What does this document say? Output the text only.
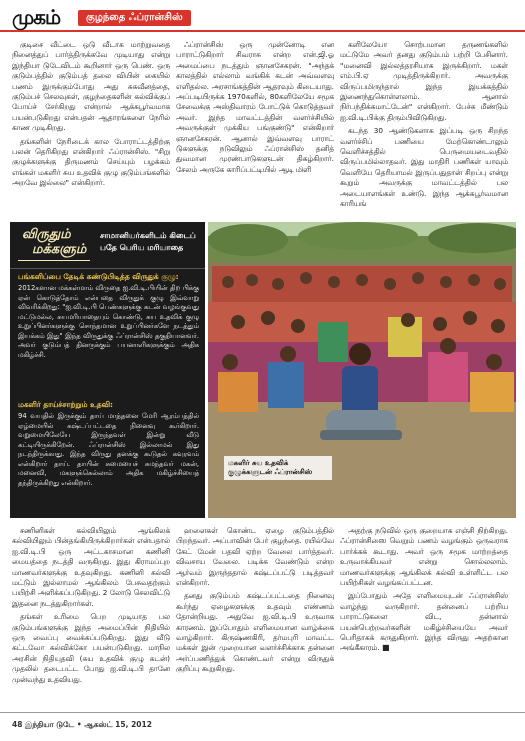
முகம்	குழந்தை ஃப்ரான்சிஸ்

குடிசை வீட்டை ஒடு வீடாக மாற்றுவதை நினைத்துப் பார்த்திருக்கவே முடியாது என்று இந்தியா டுடேவிடம் கூறினார் ஒரு பெண். ஒரு குடும்பத்தில் குடும்பத் தலை வியின் கையில் பணம் இருக்கும்போது அது சுகவீனத்தை, குடும்பச் செலவுகள், குழந்தைகளின் கல்விக்குப் போய்ச் சேர்கிறது என்றால் ஆக்கபூர்வமாக பயன்படுகிறது என்பதன் ஆதாரங்களை நேரில் காண முடிகிறது.

தங்களின் நேரிடைக் கால போராட்டத்திற்கு பலன் தெரிகிறது என்கிறார் ஃப்ரான்சிஸ். "சிறு குழுக்களுக்கு திருமணம் செய்யும் பழக்கம் எங்கள் மகளிர் சுய உதவிக் குழு குடும்பங்களில் அறவே இல்லை" என்கிறார்.

ஃப்ரான்சிஸ் ஒரு முன்னோடி என பாராட்டுகிறார் சிவராசு என்ற என்.ஜி.ஓ அமைப்பை நடத்தும் ஞானசேகரன். "அந்தக் காலத்தில் எல்லாம் வங்கிக் கடன் அவ்வளவு எளிதல்ல. அரசாங்கத்தின் ஆதரவும் கிடையாது. அப்படியிருக்க 1970களில், 80களிலேயே சமூக சேவைக்கு அஸ்திவாரம் போட்டுக் கொடுத்தவர் அவர். இந்த மாவட்டத்தின் வளர்ச்சியில் அவருக்குள் முக்கிய பங்குண்டு" என்கிறார் ஞானசேகரன். ஆனால் இவ்வளவு பாராட் டுகளுக்கு நடுவிலும் ஃப்ரான்சிஸ் தனித் துவமான முரண்பாடுகளுடன் திகழ்கிறார். சேலம் அருகே காரிப்பட்டியில் ஆடி மிளி

களிலேயோ சொற்பமான தருணங்களில் மட்டுமே அவர் தனது குடும்பம் பற்றி பேசினார். "மனைவி இல்லத்தரசியாக இருக்கிறார். மகள் எம்.பி.ஏ முடித்திருக்கிறார். அவருக்கு விருப்பமிருந்தால் இந்த இயக்கத்தில் இணைந்துகொள்ளலாம். ஆனால் நிர்பந்திக்கமாட்டேன்" என்கிறார். பேச்சு மீண்டும் ஐ.வி.டி.பிக்கு திரும்பிவிடுகிறது.

கடந்த 30 ஆண்டுகளாக இப்படி ஒரு சிறந்த வளர்ச்சிப் பணியை மேற்கொண்டாலும் வெளிச்சத்தில் பெருமையடைவதில் விருப்பமில்லாதவர். இது மாதிரி பணிகள் யாவும் வெளியே தெரியாமல் இருப்பதுதான் சிறப்பு என்று கூறும் அவருக்கு மாவட்டத்தில் பல அடையாளங்கள் உண்டு. இந்த ஆக்கபூர்வமான காரியங்

விருதும்
மக்களும்
சாமானியர்களிடம் கிடைப் பதே பெரிய மரியாதை
பங்களிப்பை தேடிக் கண்டுபிடித்த விருதுக் குழு:
2012களான மக்கள்மாம் விருதை ஐ.வி.டி.பியின் திற பிக்கு ஏன் கொடுத்தோம் என்பதை விருதுக் குழு இவ்வாறு விவரிக்கிறது: "ஐ.வி.டி.பி பெண்களுக்கு கடன் வழங்குவது மட்டுமல்ல, சுயமரியாதையும் கொண்டு, சுய உதவிக் குழு உறுப்பினர்களுக்கு சொந்தமான உறுப்பினர்களே நடத்தும் இயக்கம் இது" இந்த விருதுக்கு ஃப்ரான்சிஸ் தகுதியானவர். அவர் குடும்பத் தினருக்கும் பயனாளிகளுக்கும் அதிக மகிழ்ச்சி.
மகளிர் தாய்ச்சாற்றும் உதவி:
94 வயதில் இருக்கும் தாய் மாத்தனை மேரி ஆரம்பத்தில் ஏழ்மையில் கஷ்டப்பட்டதை நினைவு கூர்கிறார். வறுமையிலேயே இருந்தவள் இன்று வீடு கட்டியிருக்கிறேன். ஃப்ரான்சிஸ் இல்லாமல் இது நடந்திருக்காது. இந்த விருது தனக்கு கூடுதல் கவுரவம் என்கிறார் தாய். தாயின் சுமையைச் சுமந்தவர் மகன், மனைவி, மகளுக்கெல்லாம் அதிக மகிழ்ச்சியைத் தந்திருக்கிறது என்கிறார்.
மகளிர் சுய உதவிக் குழுக்களுடன் ஃப்ரான்சிஸ்

சணினிகள் கல்வியிலும் ஆங்கிலக் கல்வியிலும் பின்தங்கியிருக்கிறார்கள் என்பதால் ஐ.வி.டி.பி ஒரு அட்டகாசமான கணினி மையத்தை நடத்தி வருகிறது. இது கிராமப்புற மாணவர்களுக்கு உதவுகிறது. கணினி கல்வி மட்டும் இல்லாமல் ஆங்கிலம் பேசுவதற்கும் பயிற்சி அளிக்கப்படுகிறது. 2 லோடு செலவிட்டு இதனை நடத்துகிறார்கள்.

தங்கள் உரிமை பெற முடியாத பல குடும்பங்களுக்கு இந்த அமைப்பின் நிதியில் ஒரு வைப்பு வைக்கப்படுகிறது. இது வீடு கட்டவோ கல்விக்கோ பயன்படுகிறது. மாநில அரசின் நிதியுதவி (சுய உதவிக் குழு கடன்) முதலில் தடைபட்ட போது ஐ.வி.டி.பி தானே முன்வந்து உதவியது.

ஹளைகள் கொண்ட ஏழை குடும்பத்தில் பிறந்தவர். அப்பாவின் பேர் குழந்தை. ரயில்வே கேட் மேன் பதவி ஏற்ற வேலை பார்த்தவர். விவசாய வேலை. படிக்க வேண்டும் என்ற ஆர்வம் இருந்ததால் கஷ்டப்பட்டு படித்தவர் என்கிறார்.

தனது குடும்பம் கஷ்டப்பட்டதை நினைவு கூர்ந்து ஏழைகளுக்கு உதவும் எண்ணம் தோன்றியது. அதுவே ஐ.வி.டி.பி உருவாக காரணம். இப்போதும் எளிமையான வாழ்க்கை வாழ்கிறார். கிருஷ்ணகிரி, தர்மபுரி மாவட்ட மக்கள் இன் முறையான வளர்ச்சிக்காக தன்னை அர்ப்பணித்துக் கொண்டவர் என்று விருதுக் குறிப்பு கூறுகிறது.

அதற்கு நடுவில் ஒரு குறையாக எஞ்சி நிற்கிறது. ஃப்ரான்சிஸை வெறும் பணம் வழங்கும் ஒருவராக பார்க்கக் கூடாது. அவர் ஒரு சமூக மாற்றத்தை உருவாக்கியவர் என்று சொல்லலாம். மாணவர்களுக்கு ஆங்கிலக் கல்வி உள்ளிட்ட பல பயிற்சிகள் வழங்கப்பட்டன.

இப்போதும் அதே எளிமையுடன் ஃப்ரான்சிஸ் வாழ்ந்து வருகிறார். தன்னைப் பற்றிய பாராட்டுகளை விட, தன்னால் பயன்பெற்றவர்களின் மகிழ்ச்சியையே அவர் பெரிதாகக் கருதுகிறார். இந்த விருது அதற்கான அங்கீகாரம். ■

48 இந்தியா டுடே • ஆகஸ்ட் 15, 2012
